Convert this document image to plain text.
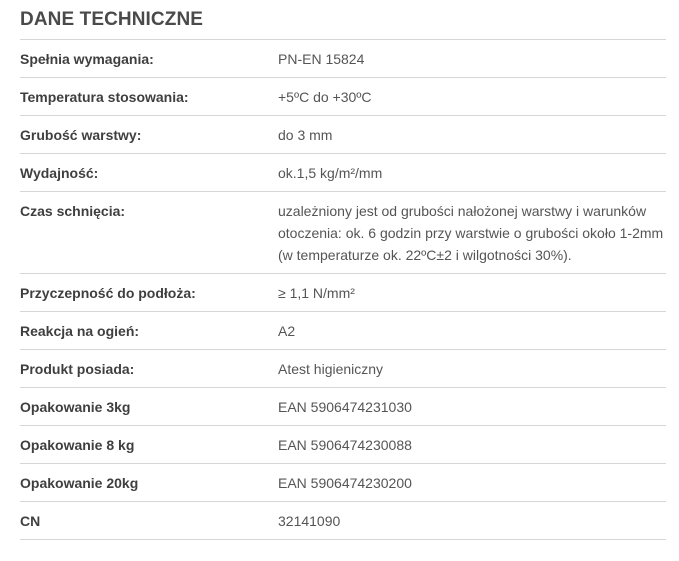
DANE TECHNICZNE
Spełnia wymagania:	PN-EN 15824
Temperatura stosowania:	+5ºC do +30ºC
Grubość warstwy:	do 3 mm
Wydajność:	ok.1,5 kg/m²/mm
Czas schnięcia:	uzależniony jest od grubości nałożonej warstwy i warunków otoczenia: ok. 6 godzin przy warstwie o grubości około 1-2mm (w temperaturze ok. 22ºC±2 i wilgotności 30%).
Przyczepność do podłoża:	≥ 1,1 N/mm²
Reakcja na ogień:	A2
Produkt posiada:	Atest higieniczny
Opakowanie 3kg	EAN 5906474231030
Opakowanie 8 kg	EAN 5906474230088
Opakowanie 20kg	EAN 5906474230200
CN	32141090
